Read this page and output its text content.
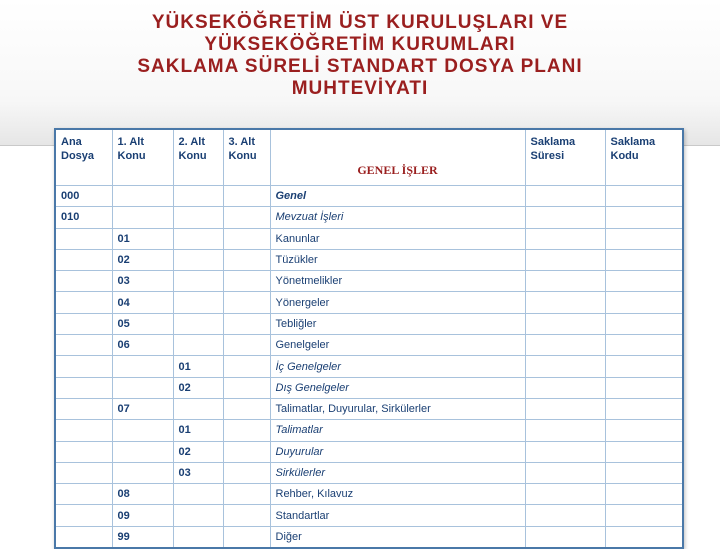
YÜKSEKÖĞRETİM ÜST KURULUŞLARI VE
YÜKSEKÖĞRETİM KURUMLARI
SAKLAMA SÜRELİ STANDART DOSYA PLANI
MUHTEVİYATI
Ana Dosya	1. Alt Konu	2. Alt Konu	3. Alt Konu	GENEL İŞLER	Saklama Süresi	Saklama Kodu
000				Genel		
010				Mevzuat İşleri		
	01			Kanunlar		
	02			Tüzükler		
	03			Yönetmelikler		
	04			Yönergeler		
	05			Tebliğler		
	06			Genelgeler		
		01		İç Genelgeler		
		02		Dış Genelgeler		
	07			Talimatlar, Duyurular, Sirkülerler		
		01		Talimatlar		
		02		Duyurular		
		03		Sirkülerler		
	08			Rehber, Kılavuz		
	09			Standartlar		
	99			Diğer		
